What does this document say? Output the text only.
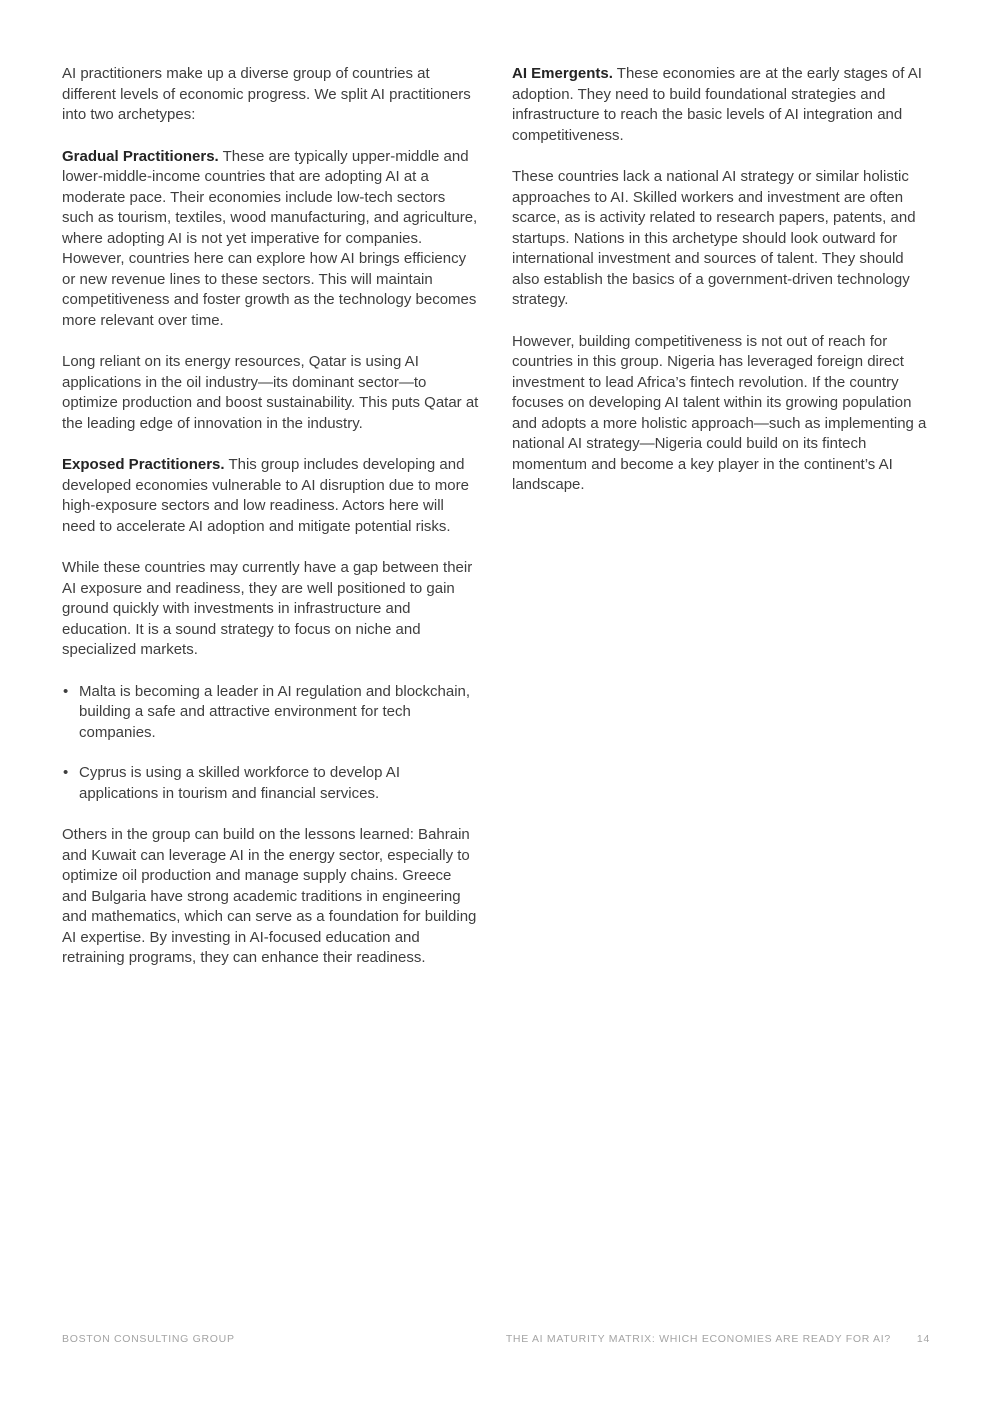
AI practitioners make up a diverse group of countries at different levels of economic progress. We split AI practitioners into two archetypes:

Gradual Practitioners. These are typically upper-middle and lower-middle-income countries that are adopting AI at a moderate pace. Their economies include low-tech sectors such as tourism, textiles, wood manufacturing, and agriculture, where adopting AI is not yet imperative for companies. However, countries here can explore how AI brings efficiency or new revenue lines to these sectors. This will maintain competitiveness and foster growth as the technology becomes more relevant over time.

Long reliant on its energy resources, Qatar is using AI applications in the oil industry—its dominant sector—to optimize production and boost sustainability. This puts Qatar at the leading edge of innovation in the industry.

Exposed Practitioners. This group includes developing and developed economies vulnerable to AI disruption due to more high-exposure sectors and low readiness. Actors here will need to accelerate AI adoption and mitigate potential risks.

While these countries may currently have a gap between their AI exposure and readiness, they are well positioned to gain ground quickly with investments in infrastructure and education. It is a sound strategy to focus on niche and specialized markets.

• Malta is becoming a leader in AI regulation and blockchain, building a safe and attractive environment for tech companies.
• Cyprus is using a skilled workforce to develop AI applications in tourism and financial services.

Others in the group can build on the lessons learned: Bahrain and Kuwait can leverage AI in the energy sector, especially to optimize oil production and manage supply chains. Greece and Bulgaria have strong academic traditions in engineering and mathematics, which can serve as a foundation for building AI expertise. By investing in AI-focused education and retraining programs, they can enhance their readiness.

AI Emergents. These economies are at the early stages of AI adoption. They need to build foundational strategies and infrastructure to reach the basic levels of AI integration and competitiveness.

These countries lack a national AI strategy or similar holistic approaches to AI. Skilled workers and investment are often scarce, as is activity related to research papers, patents, and startups. Nations in this archetype should look outward for international investment and sources of talent. They should also establish the basics of a government-driven technology strategy.

However, building competitiveness is not out of reach for countries in this group. Nigeria has leveraged foreign direct investment to lead Africa’s fintech revolution. If the country focuses on developing AI talent within its growing population and adopts a more holistic approach—such as implementing a national AI strategy—Nigeria could build on its fintech momentum and become a key player in the continent’s AI landscape.

BOSTON CONSULTING GROUP	THE AI MATURITY MATRIX: WHICH ECONOMIES ARE READY FOR AI? 14
